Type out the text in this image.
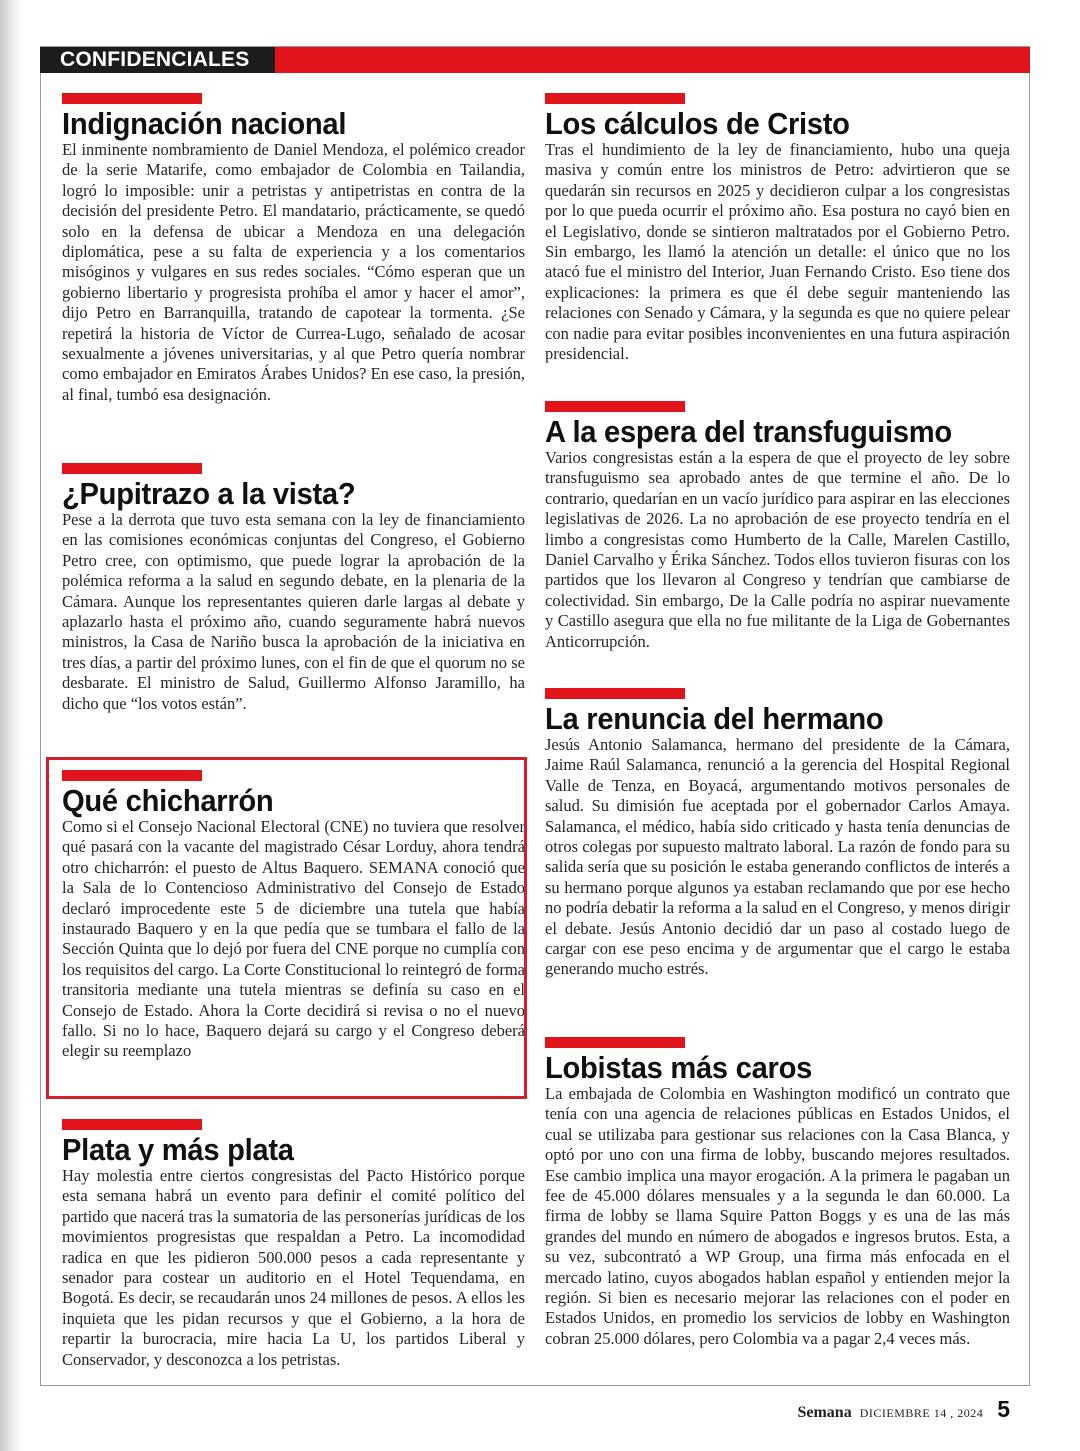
CONFIDENCIALES
Indignación nacional

El inminente nombramiento de Daniel Mendoza, el polémico creador de la serie Matarife, como embajador de Colombia en Tailandia, logró lo imposible: unir a petristas y antipetristas en contra de la decisión del presidente Petro. El mandatario, prácticamente, se quedó solo en la defensa de ubicar a Mendoza en una delegación diplomática, pese a su falta de experiencia y a los comentarios misóginos y vulgares en sus redes sociales. “Cómo esperan que un gobierno libertario y progresista prohíba el amor y hacer el amor”, dijo Petro en Barranquilla, tratando de capotear la tormenta. ¿Se repetirá la historia de Víctor de Currea-Lugo, señalado de acosar sexualmente a jóvenes universitarias, y al que Petro quería nombrar como embajador en Emiratos Árabes Unidos? En ese caso, la presión, al final, tumbó esa designación.

¿Pupitrazo a la vista?

Pese a la derrota que tuvo esta semana con la ley de financiamiento en las comisiones económicas conjuntas del Congreso, el Gobierno Petro cree, con optimismo, que puede lograr la aprobación de la polémica reforma a la salud en segundo debate, en la plenaria de la Cámara. Aunque los representantes quieren darle largas al debate y aplazarlo hasta el próximo año, cuando seguramente habrá nuevos ministros, la Casa de Nariño busca la aprobación de la iniciativa en tres días, a partir del próximo lunes, con el fin de que el quorum no se desbarate. El ministro de Salud, Guillermo Alfonso Jaramillo, ha dicho que “los votos están”.

Qué chicharrón

Como si el Consejo Nacional Electoral (CNE) no tuviera que resolver qué pasará con la vacante del magistrado César Lorduy, ahora tendrá otro chicharrón: el puesto de Altus Baquero. SEMANA conoció que la Sala de lo Contencioso Administrativo del Consejo de Estado declaró improcedente este 5 de diciembre una tutela que había instaurado Baquero y en la que pedía que se tumbara el fallo de la Sección Quinta que lo dejó por fuera del CNE porque no cumplía con los requisitos del cargo. La Corte Constitucional lo reintegró de forma transitoria mediante una tutela mientras se definía su caso en el Consejo de Estado. Ahora la Corte decidirá si revisa o no el nuevo fallo. Si no lo hace, Baquero dejará su cargo y el Congreso deberá elegir su reemplazo

Plata y más plata

Hay molestia entre ciertos congresistas del Pacto Histórico porque esta semana habrá un evento para definir el comité político del partido que nacerá tras la sumatoria de las personerías jurídicas de los movimientos progresistas que respaldan a Petro. La incomodidad radica en que les pidieron 500.000 pesos a cada representante y senador para costear un auditorio en el Hotel Tequendama, en Bogotá. Es decir, se recaudarán unos 24 millones de pesos. A ellos les inquieta que les pidan recursos y que el Gobierno, a la hora de repartir la burocracia, mire hacia La U, los partidos Liberal y Conservador, y desconozca a los petristas.

Los cálculos de Cristo

Tras el hundimiento de la ley de financiamiento, hubo una queja masiva y común entre los ministros de Petro: advirtieron que se quedarán sin recursos en 2025 y decidieron culpar a los congresistas por lo que pueda ocurrir el próximo año. Esa postura no cayó bien en el Legislativo, donde se sintieron maltratados por el Gobierno Petro. Sin embargo, les llamó la atención un detalle: el único que no los atacó fue el ministro del Interior, Juan Fernando Cristo. Eso tiene dos explicaciones: la primera es que él debe seguir manteniendo las relaciones con Senado y Cámara, y la segunda es que no quiere pelear con nadie para evitar posibles inconvenientes en una futura aspiración presidencial.

A la espera del transfuguismo

Varios congresistas están a la espera de que el proyecto de ley sobre transfuguismo sea aprobado antes de que termine el año. De lo contrario, quedarían en un vacío jurídico para aspirar en las elecciones legislativas de 2026. La no aprobación de ese proyecto tendría en el limbo a congresistas como Humberto de la Calle, Marelen Castillo, Daniel Carvalho y Érika Sánchez. Todos ellos tuvieron fisuras con los partidos que los llevaron al Congreso y tendrían que cambiarse de colectividad. Sin embargo, De la Calle podría no aspirar nuevamente y Castillo asegura que ella no fue militante de la Liga de Gobernantes Anticorrupción.

La renuncia del hermano

Jesús Antonio Salamanca, hermano del presidente de la Cámara, Jaime Raúl Salamanca, renunció a la gerencia del Hospital Regional Valle de Tenza, en Boyacá, argumentando motivos personales de salud. Su dimisión fue aceptada por el gobernador Carlos Amaya. Salamanca, el médico, había sido criticado y hasta tenía denuncias de otros colegas por supuesto maltrato laboral. La razón de fondo para su salida sería que su posición le estaba generando conflictos de interés a su hermano porque algunos ya estaban reclamando que por ese hecho no podría debatir la reforma a la salud en el Congreso, y menos dirigir el debate. Jesús Antonio decidió dar un paso al costado luego de cargar con ese peso encima y de argumentar que el cargo le estaba generando mucho estrés.

Lobistas más caros

La embajada de Colombia en Washington modificó un contrato que tenía con una agencia de relaciones públicas en Estados Unidos, el cual se utilizaba para gestionar sus relaciones con la Casa Blanca, y optó por uno con una firma de lobby, buscando mejores resultados. Ese cambio implica una mayor erogación. A la primera le pagaban un fee de 45.000 dólares mensuales y a la segunda le dan 60.000. La firma de lobby se llama Squire Patton Boggs y es una de las más grandes del mundo en número de abogados e ingresos brutos. Esta, a su vez, subcontrató a WP Group, una firma más enfocada en el mercado latino, cuyos abogados hablan español y entienden mejor la región. Si bien es necesario mejorar las relaciones con el poder en Estados Unidos, en promedio los servicios de lobby en Washington cobran 25.000 dólares, pero Colombia va a pagar 2,4 veces más.

Semana DICIEMBRE 14 , 2024 5
